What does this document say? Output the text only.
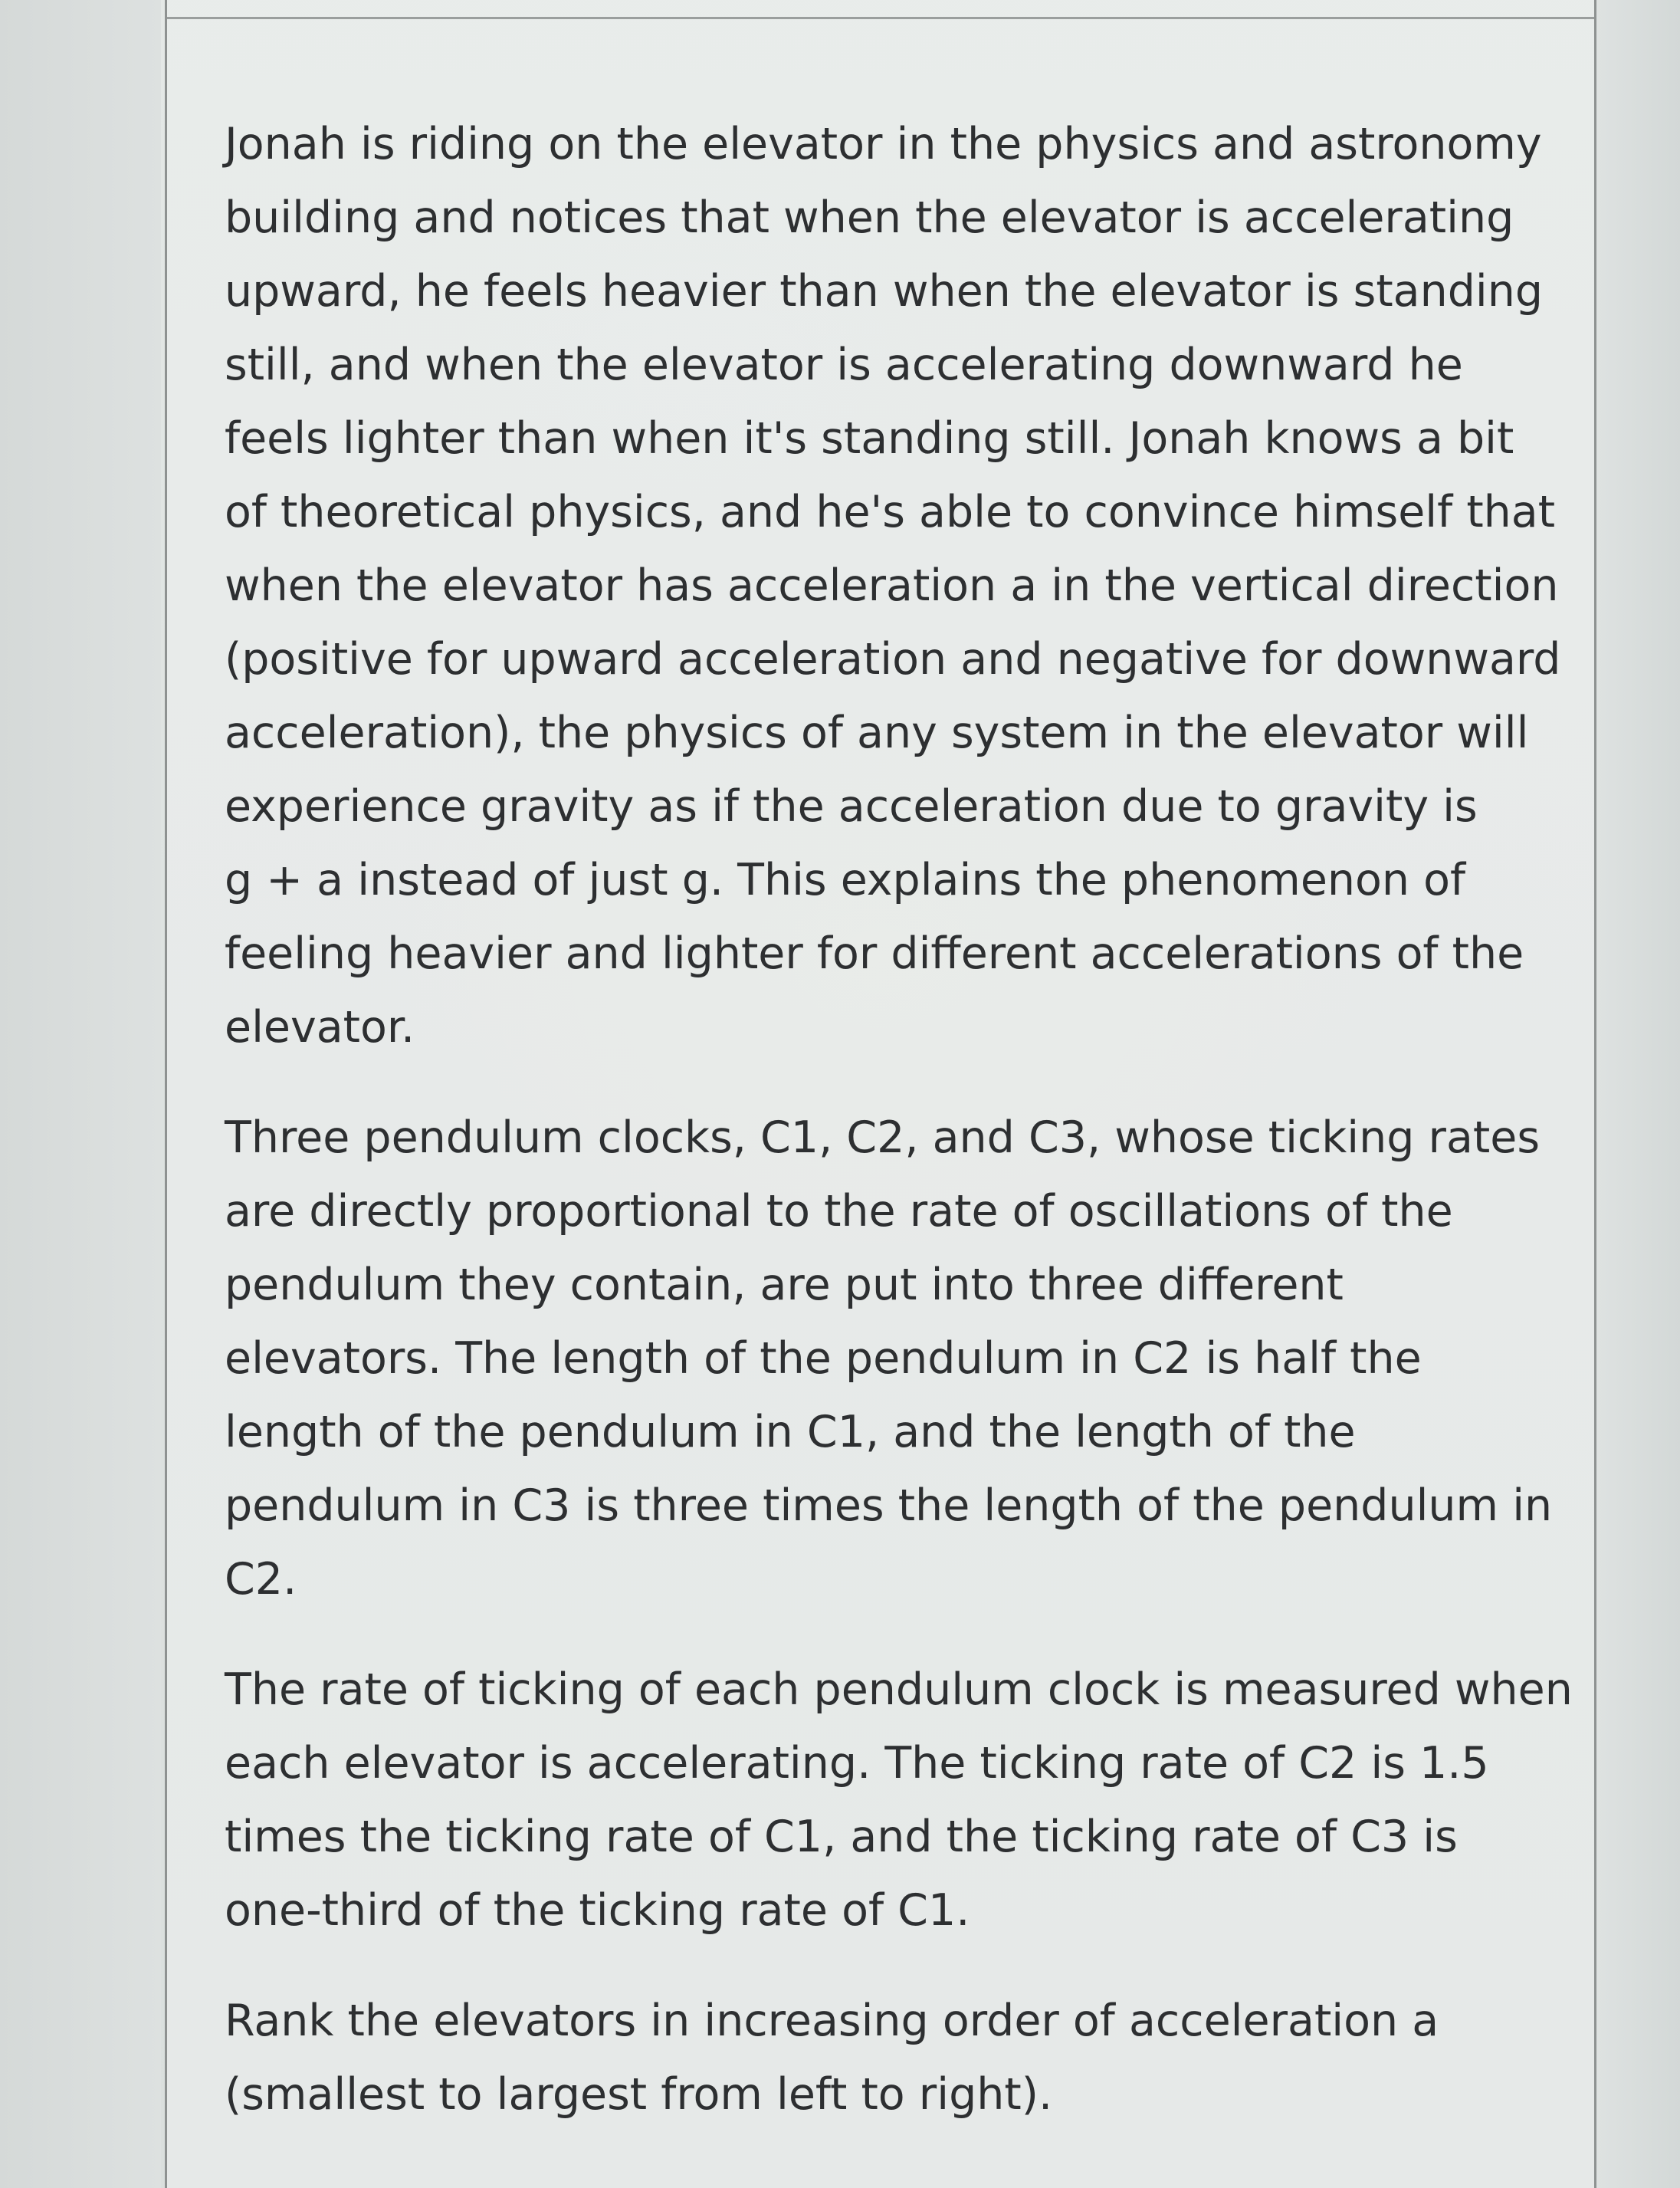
Jonah is riding on the elevator in the physics and astronomy
building and notices that when the elevator is accelerating
upward, he feels heavier than when the elevator is standing
still, and when the elevator is accelerating downward he
feels lighter than when it's standing still. Jonah knows a bit
of theoretical physics, and he's able to convince himself that
when the elevator has acceleration a in the vertical direction
(positive for upward acceleration and negative for downward
acceleration), the physics of any system in the elevator will
experience gravity as if the acceleration due to gravity is
g + a instead of just g. This explains the phenomenon of
feeling heavier and lighter for different accelerations of the
elevator.

Three pendulum clocks, C1, C2, and C3, whose ticking rates
are directly proportional to the rate of oscillations of the
pendulum they contain, are put into three different
elevators. The length of the pendulum in C2 is half the
length of the pendulum in C1, and the length of the
pendulum in C3 is three times the length of the pendulum in
C2.

The rate of ticking of each pendulum clock is measured when
each elevator is accelerating. The ticking rate of C2 is 1.5
times the ticking rate of C1, and the ticking rate of C3 is
one-third of the ticking rate of C1.

Rank the elevators in increasing order of acceleration a
(smallest to largest from left to right).
